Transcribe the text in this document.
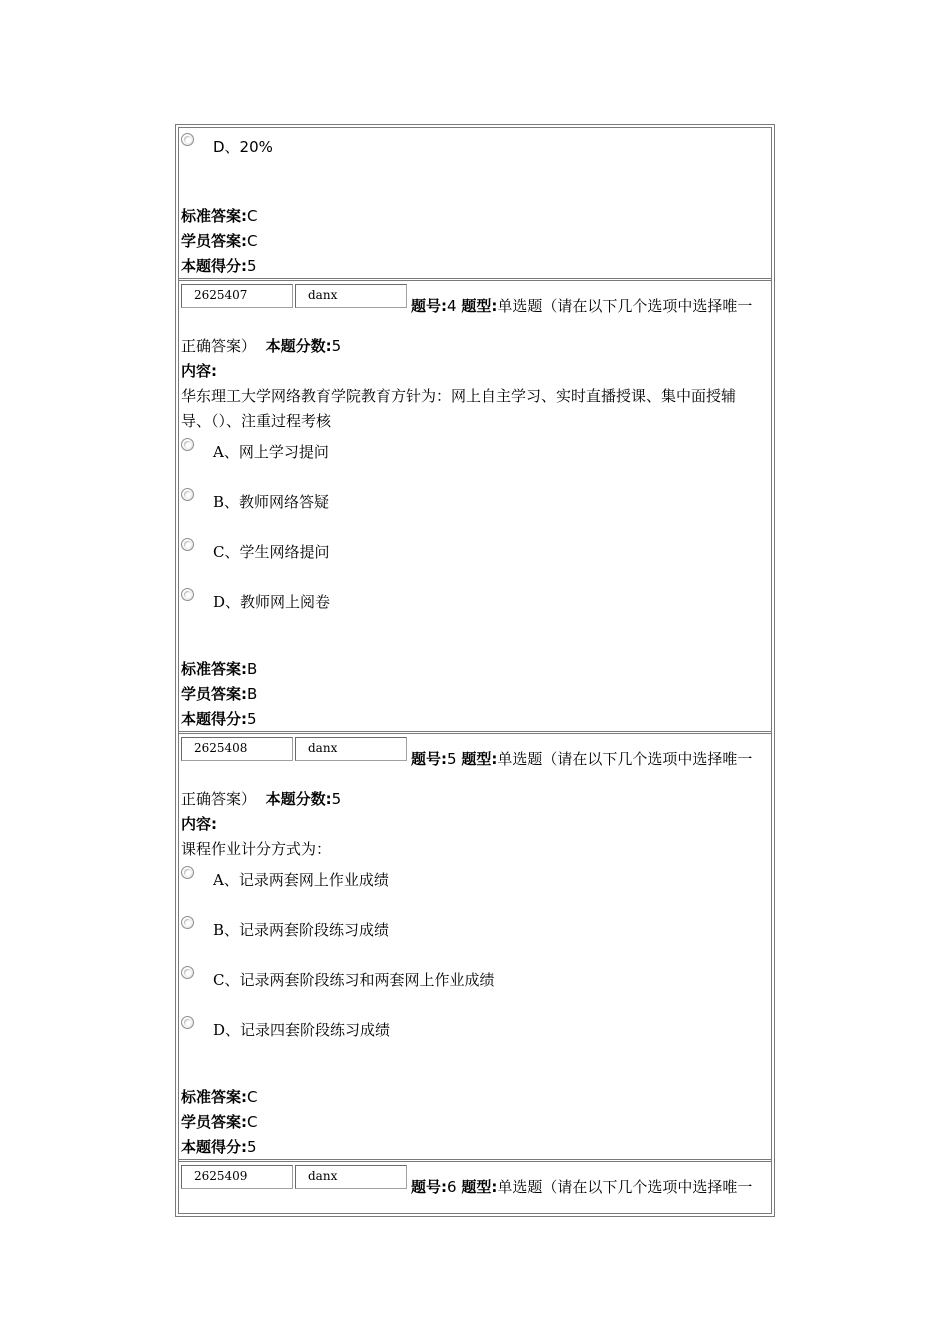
D、20%
标准答案:C
学员答案:C
本题得分:5
2625407	danx
题号:4 题型:单选题（请在以下几个选项中选择唯一
正确答案） 本题分数:5
内容:
华东理工大学网络教育学院教育方针为：网上自主学习、实时直播授课、集中面授辅
导、（）、注重过程考核
A、网上学习提问
B、教师网络答疑
C、学生网络提问
D、教师网上阅卷
标准答案:B
学员答案:B
本题得分:5
2625408	danx
题号:5 题型:单选题（请在以下几个选项中选择唯一
正确答案） 本题分数:5
内容:
课程作业计分方式为：
A、记录两套网上作业成绩
B、记录两套阶段练习成绩
C、记录两套阶段练习和两套网上作业成绩
D、记录四套阶段练习成绩
标准答案:C
学员答案:C
本题得分:5
2625409	danx
题号:6 题型:单选题（请在以下几个选项中选择唯一
